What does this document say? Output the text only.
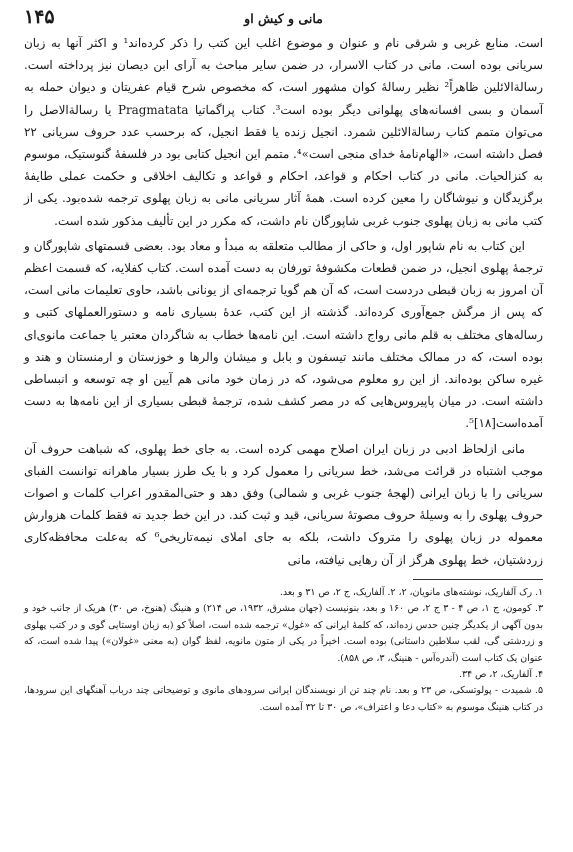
۱۴۵	مانی و کیش او

است. منابع غربی و شرقی نام و عنوان و موضوع اغلب این کتب را ذکر کرده‌اند¹ و اکثر آنها به زبان سریانی بوده است. مانی در کتاب الاسرار، در ضمن سایر مباحث به آرای ابن دیصان نیز پرداخته است. رسالةالائلین ظاهراً² نظیر رسالهٔ کوان مشهور است، که مخصوص شرح قیام عفریتان و دیوان حمله به آسمان و بسی افسانه‌های پهلوانی دیگر بوده است³. کتاب پراگماتیا Pragmatata یا رسالةالاصل را می‌توان متمم کتاب رسالةالائلین شمرد. انجیل زنده یا فقط انجیل، که برحسب عدد حروف سریانی ۲۲ فصل داشته است، «الهام‌نامهٔ خدای منجی است»⁴. متمم این انجیل کتابی بود در فلسفهٔ گنوستیک، موسوم به کنزالحیات. مانی در کتاب احکام و قواعد، احکام و قواعد و تکالیف اخلاقی و حکمت عملی طایفهٔ برگزیدگان و نیوشاگان را معین کرده است. همهٔ آثار سریانی مانی به زبان پهلوی ترجمه شده‌بود. یکی از کتب مانی به زبان پهلوی جنوب غربی شاپورگان نام داشت، که مکرر در این تألیف مذکور شده است.

این کتاب به نام شاپور اول، و حاکی از مطالب متعلقه به مبدأ و معاد بود. بعضی قسمتهای شاپورگان و ترجمهٔ پهلوی انجیل، در ضمن قطعات مکشوفهٔ تورفان به دست آمده است. کتاب کفلایه، که قسمت اعظم آن امروز به زبان قبطی دردست است، که آن هم گویا ترجمه‌ای از یونانی باشد، حاوی تعلیمات مانی است، که پس از مرگش جمع‌آوری کرده‌اند. گذشته از این کتب، عدهٔ بسیاری نامه و دستورالعملهای کتبی و رساله‌های مختلف به قلم مانی رواج داشته است. این نامه‌ها خطاب به شاگردان معتبر یا جماعت مانوی‌ای بوده است، که در ممالک مختلف مانند تیسفون و بابل و میشان والرها و خوزستان و ارمنستان و هند و غیره ساکن بوده‌اند. از این رو معلوم می‌شود، که در زمان خود مانی هم آیین او چه توسعه و انبساطی داشته است. در میان پاپیروس‌هایی که در مصر کشف شده، ترجمهٔ قبطی بسیاری از این نامه‌ها به دست آمده‌است[۱۸]⁵.

مانی ازلحاظ ادبی در زبان ایران اصلاح مهمی کرده است. به جای خط پهلوی، که شباهت حروف آن موجب اشتباه در قرائت می‌شد، خط سریانی را معمول کرد و با یک طرز بسیار ماهرانه توانست الفبای سریانی را با زبان ایرانی (لهجهٔ جنوب غربی و شمالی) وفق دهد و حتی‌المقدور اعراب کلمات و اصوات حروف پهلوی را به وسیلهٔ حروف مصوتهٔ سریانی، قید و ثبت کند. در این خط جدید نه فقط کلمات هزوارش معموله در زبان پهلوی را متروک داشت، بلکه به جای املای نیمه‌تاریخی⁶ که به‌علت محافظه‌کاری زردشتیان، خط پهلوی هرگز از آن رهایی نیافته، مانی

۱. رک آلفاریک، نوشته‌های مانویان، ۲، ۲. آلفاریک، ج ۲، ص ۳۱ و بعد.

۳. کومون، ج ۱، ص ۴ - ۳ ج ۲، ص ۱۶۰ و بعد، بنونیست (جهان مشرق، ۱۹۳۲، ص ۲۱۴) و هنینگ (هنوخ، ص ۳۰) هریک از جانب خود و بدون آگهی از یکدیگر چنین حدس زده‌اند، که کلمهٔ ایرانی که «غول» ترجمه شده است، اصلاً کو (به زبان اوستایی گوی و در کتب پهلوی و زردشتی گی، لقب سلاطین داستانی) بوده است. اخیراً در یکی از متون مانویه، لفظ گوان (به معنی «غولان») پیدا شده است، که عنوان یک کتاب است (آندره‌آس - هنینگ، ۳، ص ۸۵۸).

۴. آلفاریک، ۲، ص ۳۴.

۵. شمیدت - پولوتسکی، ص ۲۳ و بعد. نام چند تن از نویسندگان ایرانی سرودهای مانوی و توضیحاتی چند درباب آهنگهای این سرودها، در کتاب هنینگ موسوم به «کتاب دعا و اعتراف»، ص ۳۰ تا ۳۲ آمده است.
